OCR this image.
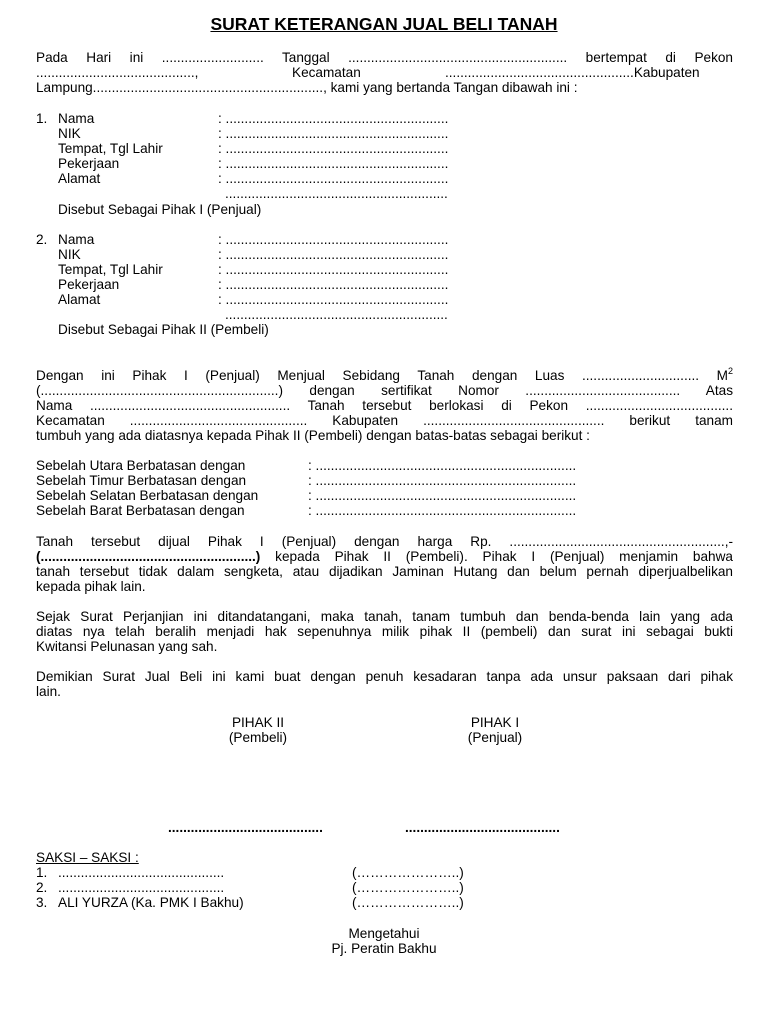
SURAT KETERANGAN JUAL BELI TANAH
Pada Hari ini ........................... Tanggal .......................................................... bertempat di Pekon
..........................................,	Kecamatan	..................................................Kabupaten
Lampung............................................................., kami yang bertanda Tangan dibawah ini :
1. Nama	: ...........................................................
NIK	: ...........................................................
Tempat, Tgl Lahir	: ...........................................................
Pekerjaan	: ...........................................................
Alamat	: ...........................................................
...........................................................
Disebut Sebagai Pihak I (Penjual)
2. Nama	: ...........................................................
NIK	: ...........................................................
Tempat, Tgl Lahir	: ...........................................................
Pekerjaan	: ...........................................................
Alamat	: ...........................................................
...........................................................
Disebut Sebagai Pihak II (Pembeli)
Dengan ini Pihak I (Penjual) Menjual Sebidang Tanah dengan Luas ............................... $M^2$
(...............................................................) dengan sertifikat Nomor ......................................... Atas
Nama ..................................................... Tanah tersebut berlokasi di Pekon .......................................
Kecamatan ............................................... Kabupaten ................................................ berikut tanam
tumbuh yang ada diatasnya kepada Pihak II (Pembeli) dengan batas-batas sebagai berikut :
Sebelah Utara Berbatasan dengan	: .....................................................................
Sebelah Timur Berbatasan dengan	: .....................................................................
Sebelah Selatan Berbatasan dengan	: .....................................................................
Sebelah Barat Berbatasan dengan	: .....................................................................
Tanah tersebut dijual Pihak I (Penjual) dengan harga Rp. .........................................................,-
(.........................................................) kepada Pihak II (Pembeli). Pihak I (Penjual) menjamin bahwa
tanah tersebut tidak dalam sengketa, atau dijadikan Jaminan Hutang dan belum pernah diperjualbelikan
kepada pihak lain.
Sejak Surat Perjanjian ini ditandatangani, maka tanah, tanam tumbuh dan benda-benda lain yang ada
diatas nya telah beralih menjadi hak sepenuhnya milik pihak II (pembeli) dan surat ini sebagai bukti
Kwitansi Pelunasan yang sah.
Demikian Surat Jual Beli ini kami buat dengan penuh kesadaran tanpa ada unsur paksaan dari pihak
lain.
PIHAK II
(Pembeli)
PIHAK I
(Penjual)
.........................................	.........................................
SAKSI – SAKSI :
1. ............................................	(…………………..)
2. ............................................	(…………………..)
3. ALI YURZA (Ka. PMK I Bakhu)	(…………………..)
Mengetahui
Pj. Peratin Bakhu
